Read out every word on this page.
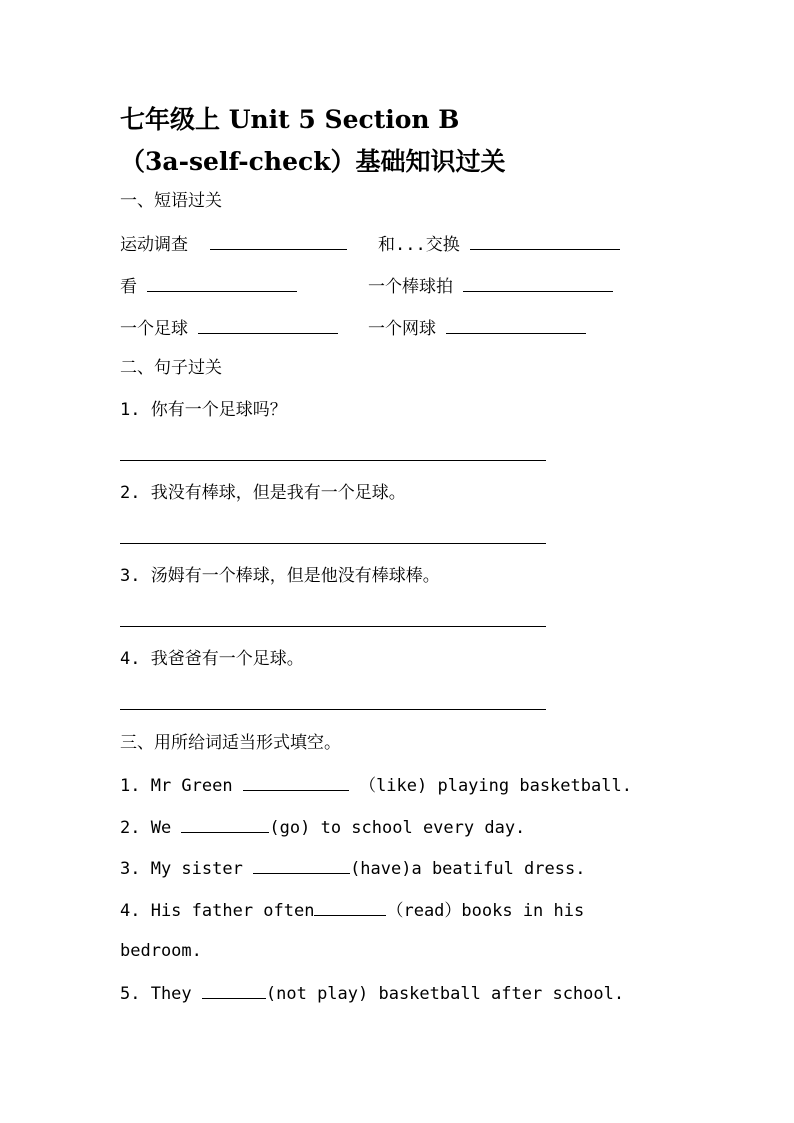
七年级上 Unit 5 Section B
（3a-self-check）基础知识过关
一、短语过关
运动调查	和...交换
看	一个棒球拍
一个足球	一个网球
二、句子过关
1. 你有一个足球吗？
2. 我没有棒球，但是我有一个足球。
3. 汤姆有一个棒球，但是他没有棒球棒。
4. 我爸爸有一个足球。
三、用所给词适当形式填空。
1. Mr Green	（like) playing basketball.
2. We	(go) to school every day.
3. My sister	(have)a beatiful dress.
4. His father often	（read）books in his
bedroom.
5. They	(not play) basketball after school.
